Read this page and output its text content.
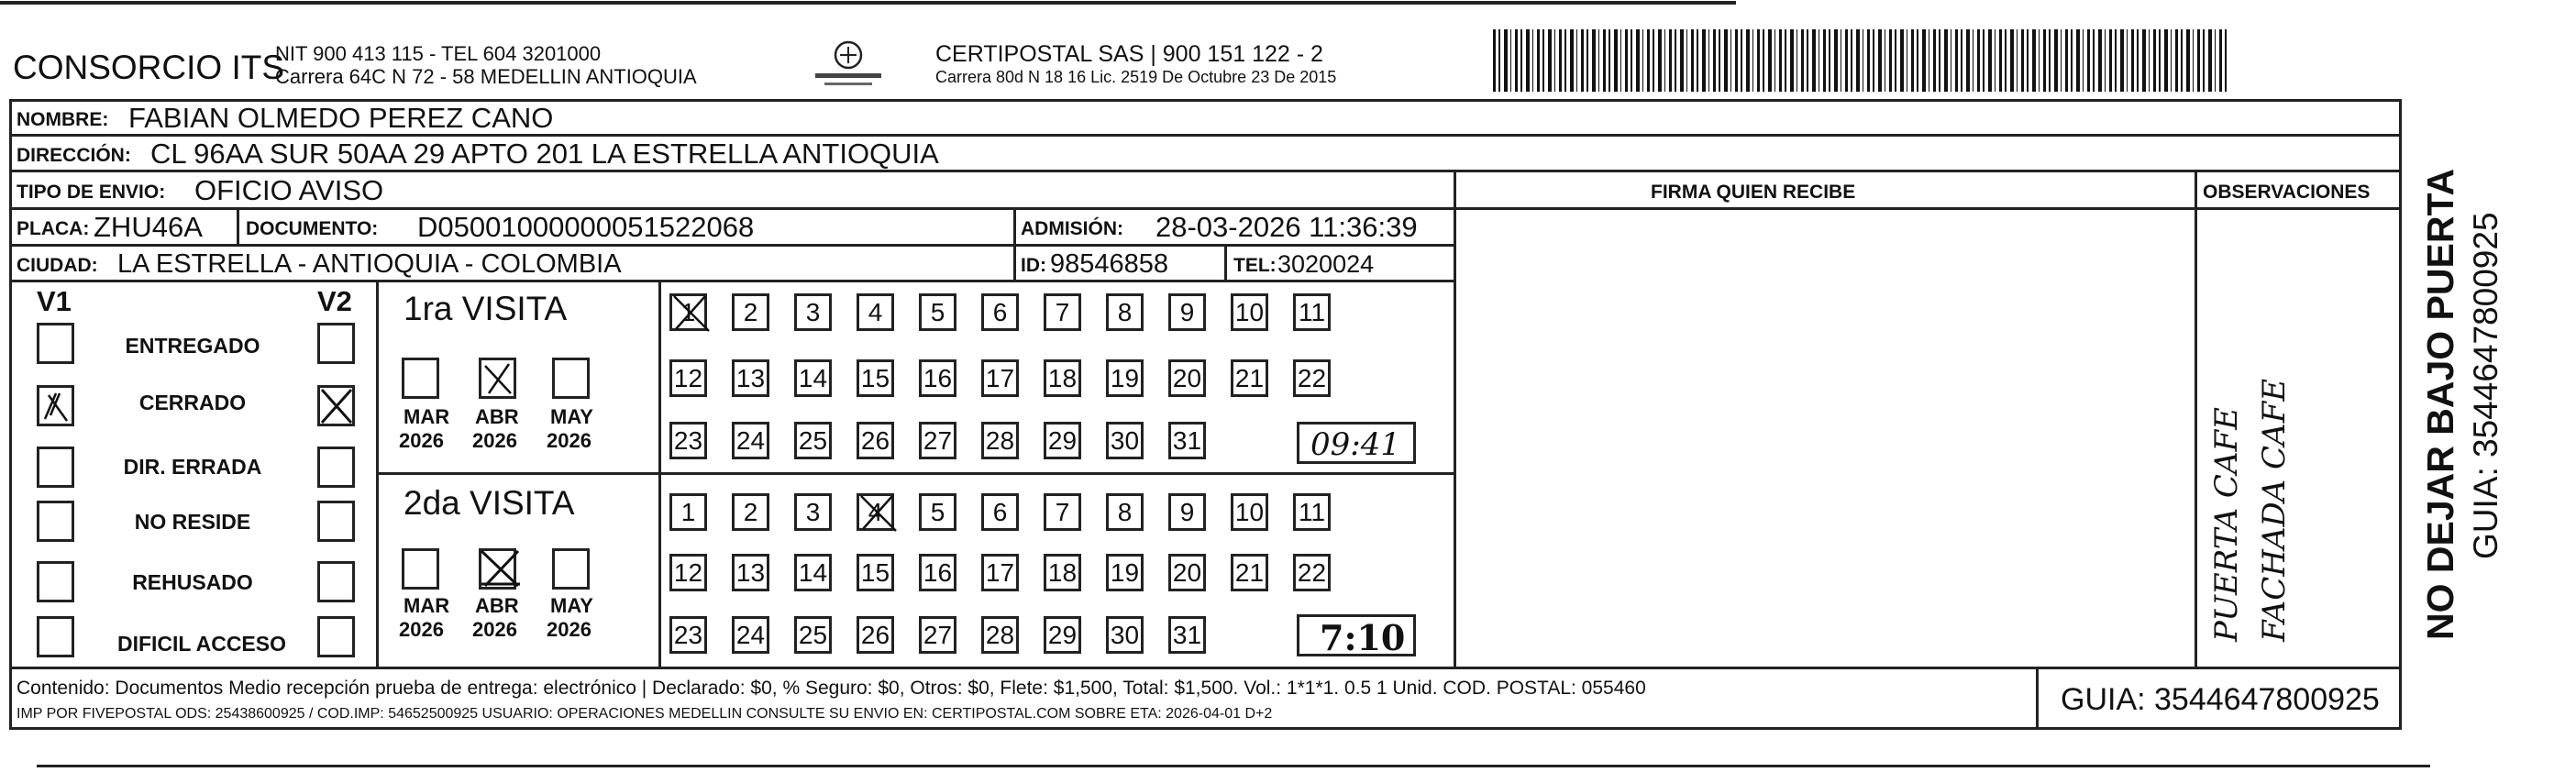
CONSORCIO ITS
NIT 900 413 115 - TEL 604 3201000
Carrera 64C N 72 - 58 MEDELLIN ANTIOQUIA
CERTIPOSTAL SAS | 900 151 122 - 2
Carrera 80d N 18 16 Lic. 2519 De Octubre 23 De 2015
NOMBRE: FABIAN OLMEDO PEREZ CANO
DIRECCIÓN: CL 96AA SUR 50AA 29 APTO 201 LA ESTRELLA ANTIOQUIA
TIPO DE ENVIO: OFICIO AVISO	FIRMA QUIEN RECIBE	OBSERVACIONES
PLACA: ZHU46A DOCUMENTO: D05001000000051522068	ADMISIÓN: 28-03-2026 11:36:39
CIUDAD: LA ESTRELLA - ANTIOQUIA - COLOMBIA	ID: 98546858	TEL: 3020024
V1	V2
ENTREGADO
CERRADO
DIR. ERRADA
NO RESIDE
REHUSADO
DIFICIL ACCESO
1ra VISITA
MAR ABR MAY
2026 2026 2026
2da VISITA
MAR ABR MAY
2026 2026 2026
1	2	3	4	5	6	7	8	9	10 11
12 13 14 15 16 17 18 19 20 21 22
23 24 25 26 27 28 29 30 31
1	2	3	4	5	6	7	8	9	10 11
12 13 14 15 16 17 18 19 20 21 22
23 24 25 26 27 28 29 30 31
09:41
7:10	PUERTA CAFE FACHADA CAFE
Contenido: Documentos Medio recepción prueba de entrega: electrónico | Declarado: $0, % Seguro: $0, Otros: $0, Flete: $1,500, Total: $1,500. Vol.: 1*1*1. 0.5 1 Unid. COD. POSTAL: 055460
IMP POR FIVEPOSTAL ODS: 25438600925 / COD.IMP: 54652500925 USUARIO: OPERACIONES MEDELLIN CONSULTE SU ENVIO EN: CERTIPOSTAL.COM SOBRE ETA: 2026-04-01 D+2	GUIA: 3544647800925
NO DEJAR BAJO PUERTA GUIA: 3544647800925
